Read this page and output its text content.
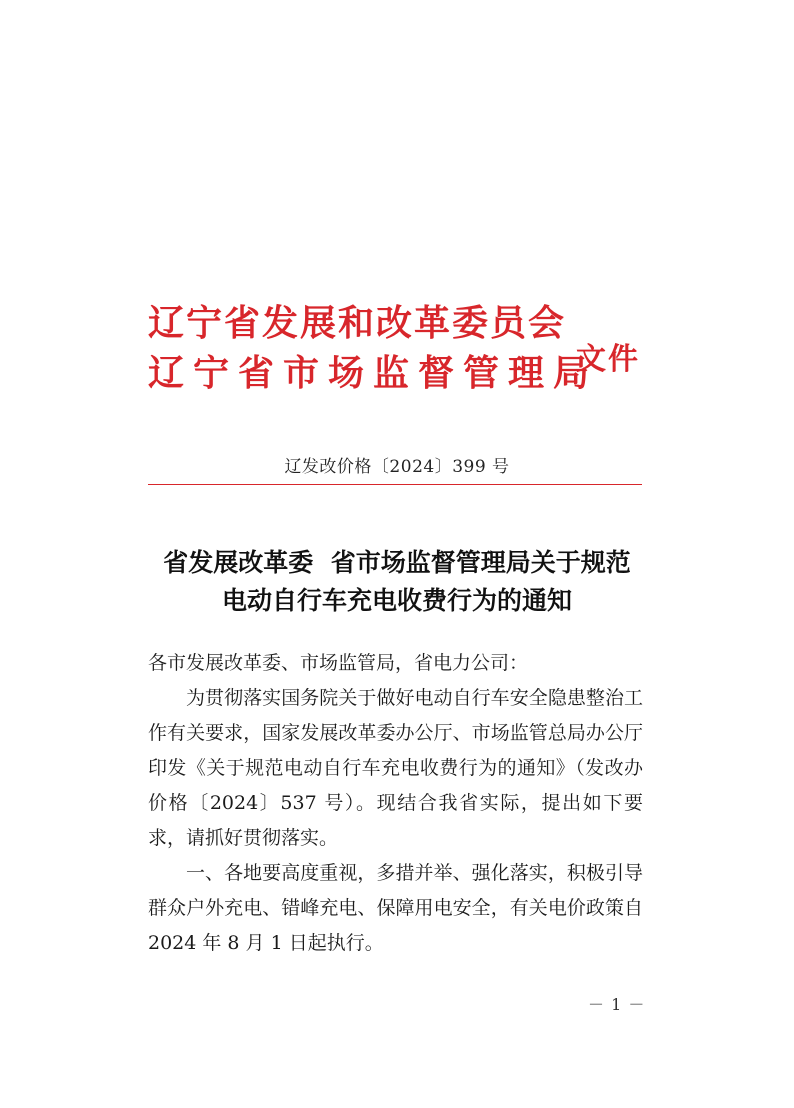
辽宁省发展和改革委员会
辽宁省市场监督管理局
文件
辽发改价格〔2024〕399 号
省发展改革委  省市场监督管理局关于规范
电动自行车充电收费行为的通知

各市发展改革委、市场监管局，省电力公司：

为贯彻落实国务院关于做好电动自行车安全隐患整治工作有关要求，国家发展改革委办公厅、市场监管总局办公厅印发《关于规范电动自行车充电收费行为的通知》（发改办价格〔2024〕537 号）。现结合我省实际，提出如下要求，请抓好贯彻落实。

一、各地要高度重视，多措并举、强化落实，积极引导群众户外充电、错峰充电、保障用电安全，有关电价政策自 2024 年 8 月 1 日起执行。

－ 1 －
